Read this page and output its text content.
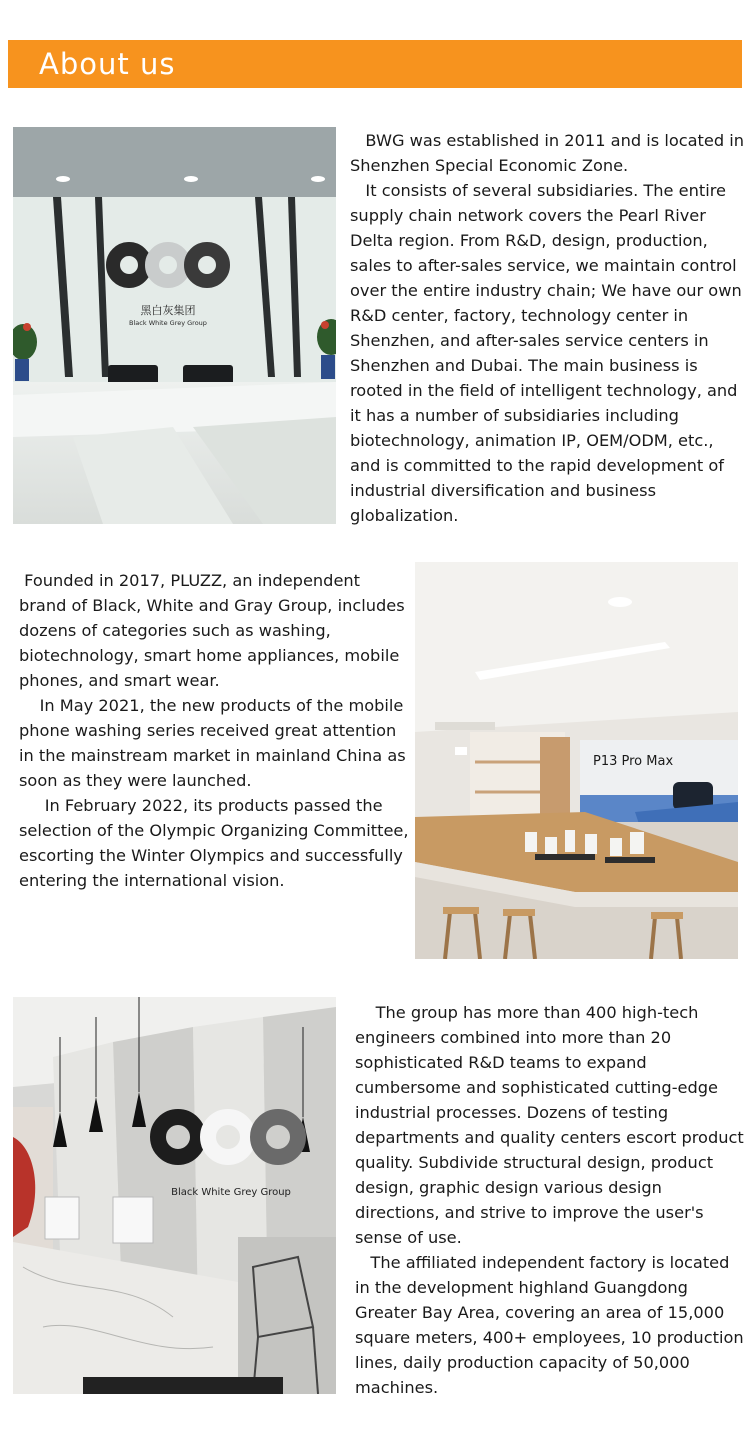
About us
黑白灰集团
Black White Grey Group

BWG was established in 2011 and is located in Shenzhen Special Economic Zone.

It consists of several subsidiaries. The entire supply chain network covers the Pearl River Delta region. From R&D, design, production, sales to after-sales service, we maintain control over the entire industry chain; We have our own R&D center, factory, technology center in Shenzhen, and after-sales service centers in Shenzhen and Dubai. The main business is rooted in the field of intelligent technology, and it has a number of subsidiaries including biotechnology, animation IP, OEM/ODM, etc., and is committed to the rapid development of industrial diversification and business globalization.

Founded in 2017, PLUZZ, an independent brand of Black, White and Gray Group, includes dozens of categories such as washing, biotechnology, smart home appliances, mobile phones, and smart wear.

In May 2021, the new products of the mobile phone washing series received great attention in the mainstream market in mainland China as soon as they were launched.

In February 2022, its products passed the selection of the Olympic Organizing Committee, escorting the Winter Olympics and successfully entering the international vision.

P13 Pro Max
Black White Grey Group

The group has more than 400 high-tech engineers combined into more than 20 sophisticated R&D teams to expand cumbersome and sophisticated cutting-edge industrial processes. Dozens of testing departments and quality centers escort product quality. Subdivide structural design, product design, graphic design various design directions, and strive to improve the user's sense of use.

The affiliated independent factory is located in the development highland Guangdong Greater Bay Area, covering an area of 15,000 square meters, 400+ employees, 10 production lines, daily production capacity of 50,000 machines.
